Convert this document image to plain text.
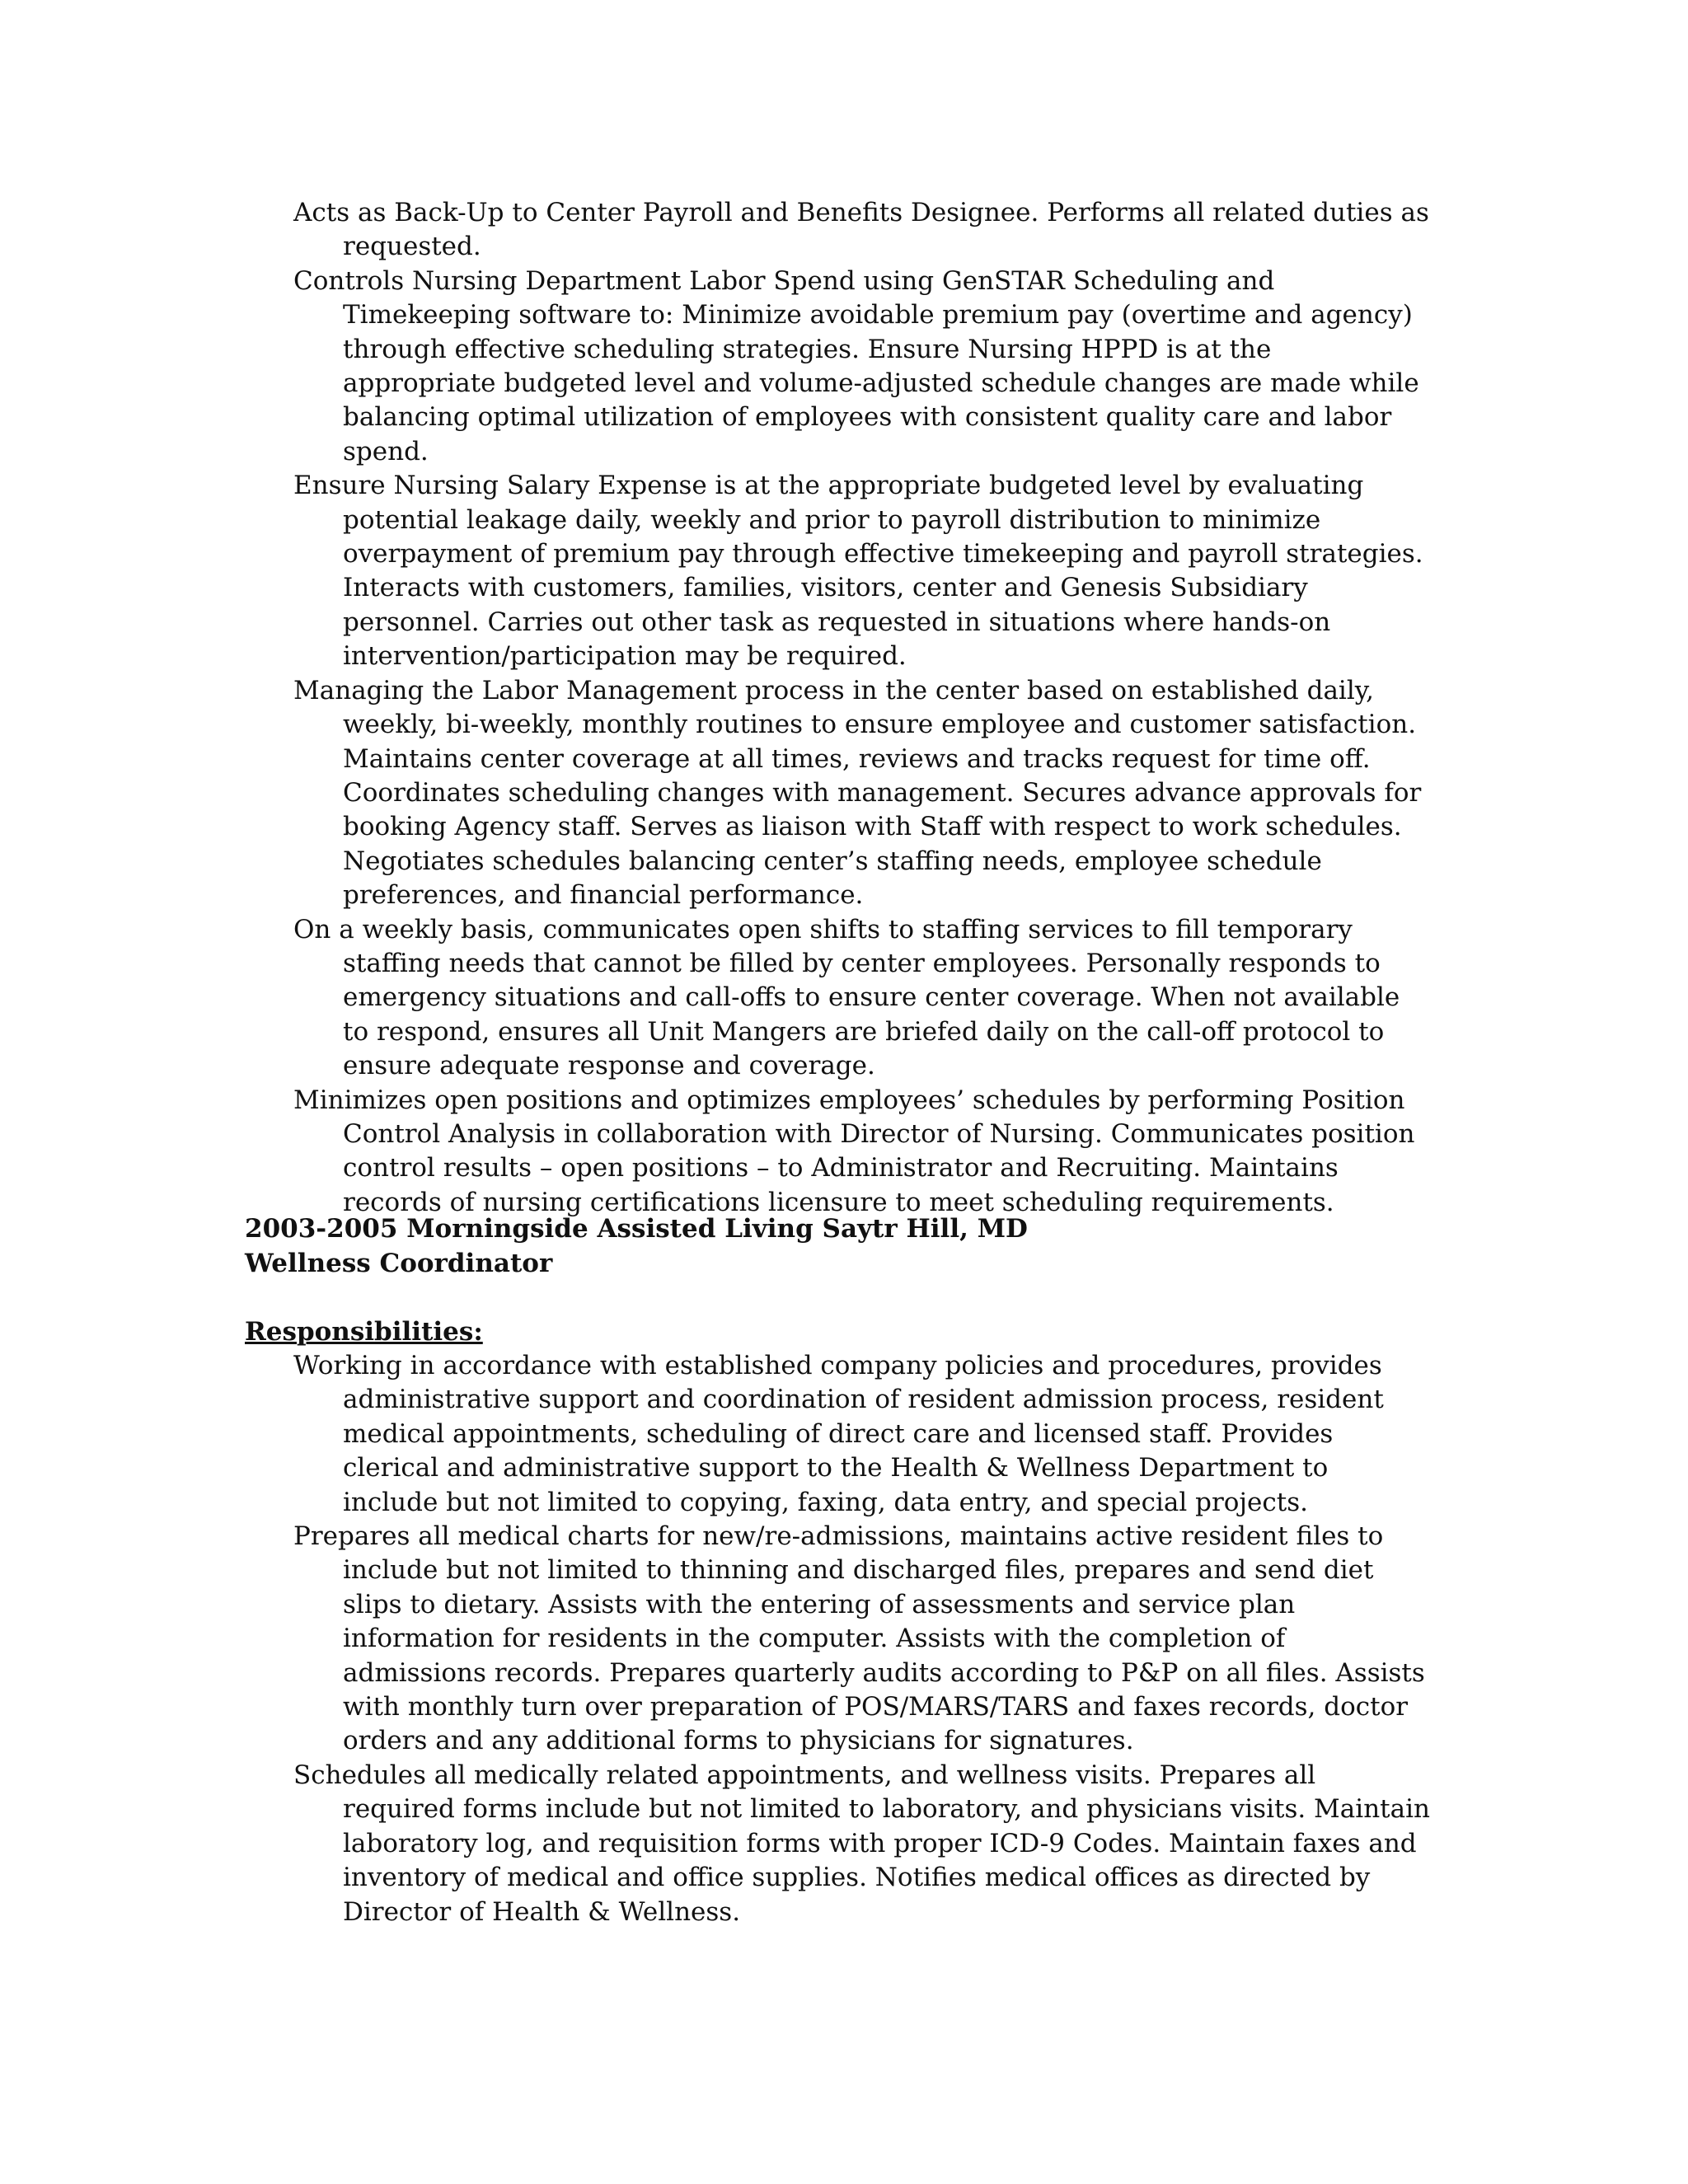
Acts as Back-Up to Center Payroll and Benefits Designee. Performs all related duties as requested.
Controls Nursing Department Labor Spend using GenSTAR Scheduling and Timekeeping software to: Minimize avoidable premium pay (overtime and agency) through effective scheduling strategies. Ensure Nursing HPPD is at the appropriate budgeted level and volume-adjusted schedule changes are made while balancing optimal utilization of employees with consistent quality care and labor spend.
Ensure Nursing Salary Expense is at the appropriate budgeted level by evaluating potential leakage daily, weekly and prior to payroll distribution to minimize overpayment of premium pay through effective timekeeping and payroll strategies. Interacts with customers, families, visitors, center and Genesis Subsidiary personnel. Carries out other task as requested in situations where hands-on intervention/participation may be required.
Managing the Labor Management process in the center based on established daily, weekly, bi-weekly, monthly routines to ensure employee and customer satisfaction. Maintains center coverage at all times, reviews and tracks request for time off. Coordinates scheduling changes with management. Secures advance approvals for booking Agency staff. Serves as liaison with Staff with respect to work schedules. Negotiates schedules balancing center’s staffing needs, employee schedule preferences, and financial performance.
On a weekly basis, communicates open shifts to staffing services to fill temporary staffing needs that cannot be filled by center employees. Personally responds to emergency situations and call-offs to ensure center coverage. When not available to respond, ensures all Unit Mangers are briefed daily on the call-off protocol to ensure adequate response and coverage.
Minimizes open positions and optimizes employees’ schedules by performing Position Control Analysis in collaboration with Director of Nursing. Communicates position control results – open positions – to Administrator and Recruiting. Maintains records of nursing certifications licensure to meet scheduling requirements.
2003-2005 Morningside Assisted Living Saytr Hill, MD
Wellness Coordinator
Responsibilities:
Working in accordance with established company policies and procedures, provides administrative support and coordination of resident admission process, resident medical appointments, scheduling of direct care and licensed staff. Provides clerical and administrative support to the Health & Wellness Department to include but not limited to copying, faxing, data entry, and special projects.
Prepares all medical charts for new/re-admissions, maintains active resident files to include but not limited to thinning and discharged files, prepares and send diet slips to dietary. Assists with the entering of assessments and service plan information for residents in the computer. Assists with the completion of admissions records. Prepares quarterly audits according to P&P on all files. Assists with monthly turn over preparation of POS/MARS/TARS and faxes records, doctor orders and any additional forms to physicians for signatures.
Schedules all medically related appointments, and wellness visits. Prepares all required forms include but not limited to laboratory, and physicians visits. Maintain laboratory log, and requisition forms with proper ICD-9 Codes. Maintain faxes and inventory of medical and office supplies. Notifies medical offices as directed by Director of Health & Wellness.
